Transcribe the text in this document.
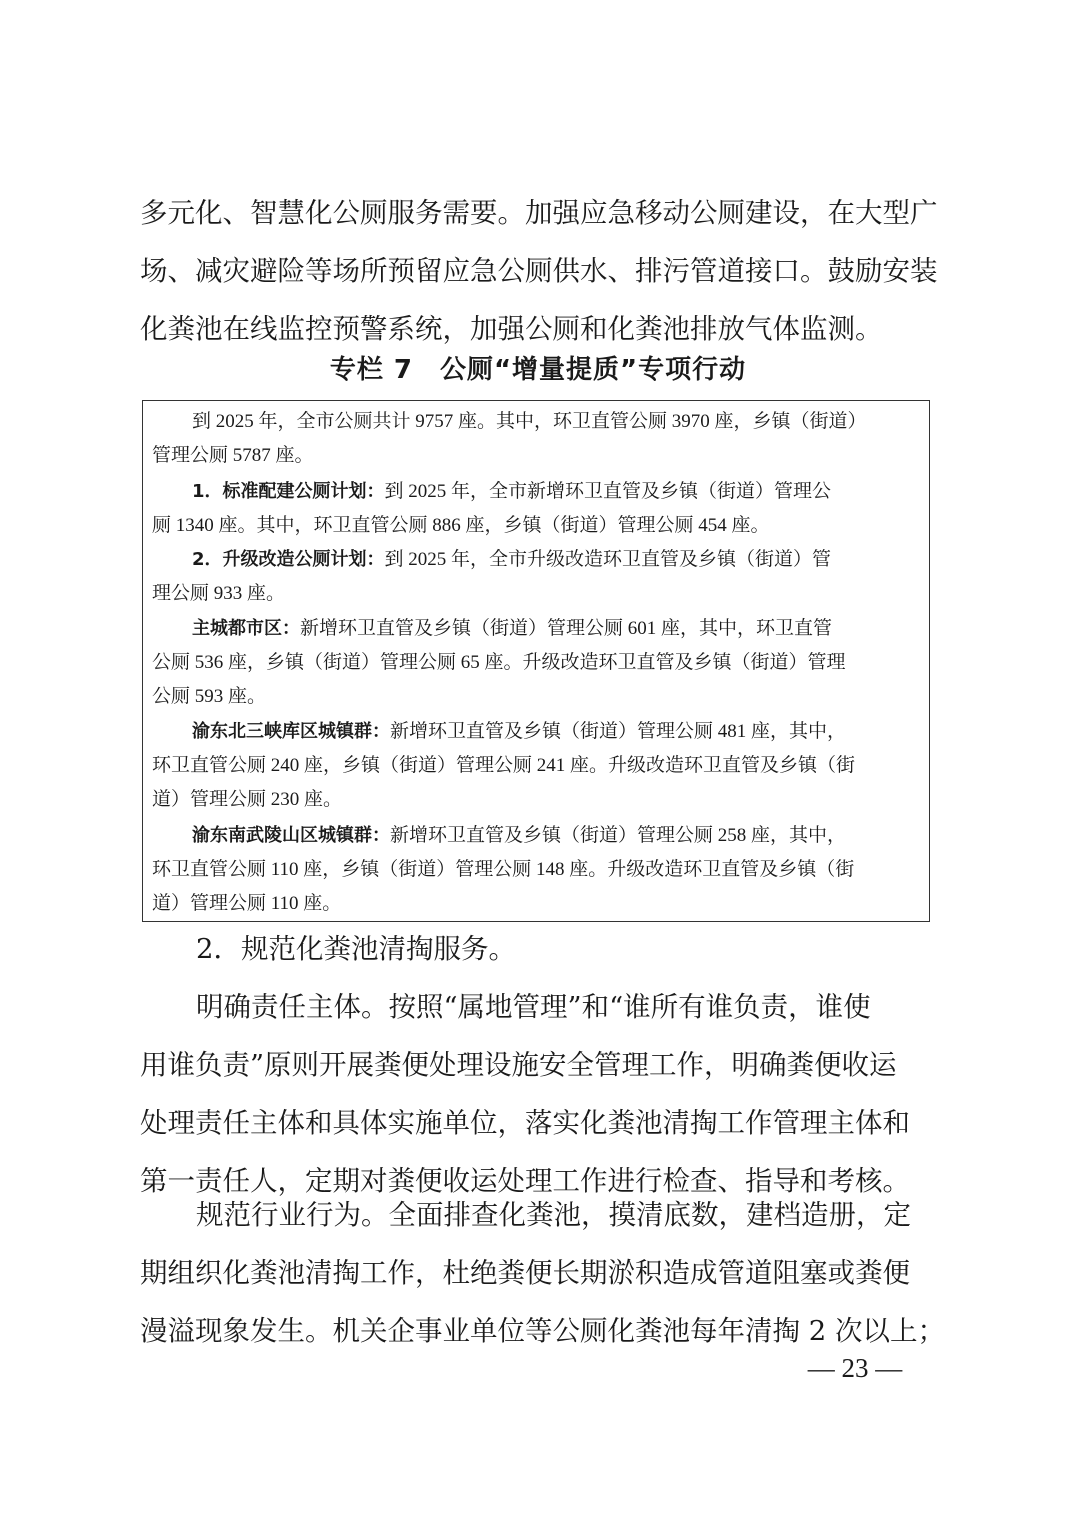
多元化、智慧化公厕服务需要。加强应急移动公厕建设，在大型广
场、减灾避险等场所预留应急公厕供水、排污管道接口。鼓励安装
化粪池在线监控预警系统，加强公厕和化粪池排放气体监测。
专栏 7　公厕“增量提质”专项行动
到 2025 年，全市公厕共计 9757 座。其中，环卫直管公厕 3970 座，乡镇（街道）
管理公厕 5787 座。
1．标准配建公厕计划：到 2025 年，全市新增环卫直管及乡镇（街道）管理公
厕 1340 座。其中，环卫直管公厕 886 座，乡镇（街道）管理公厕 454 座。
2．升级改造公厕计划：到 2025 年，全市升级改造环卫直管及乡镇（街道）管
理公厕 933 座。
主城都市区：新增环卫直管及乡镇（街道）管理公厕 601 座，其中，环卫直管
公厕 536 座，乡镇（街道）管理公厕 65 座。升级改造环卫直管及乡镇（街道）管理
公厕 593 座。
渝东北三峡库区城镇群：新增环卫直管及乡镇（街道）管理公厕 481 座，其中，
环卫直管公厕 240 座，乡镇（街道）管理公厕 241 座。升级改造环卫直管及乡镇（街
道）管理公厕 230 座。
渝东南武陵山区城镇群：新增环卫直管及乡镇（街道）管理公厕 258 座，其中，
环卫直管公厕 110 座，乡镇（街道）管理公厕 148 座。升级改造环卫直管及乡镇（街
道）管理公厕 110 座。
2．规范化粪池清掏服务。
明确责任主体。按照“属地管理”和“谁所有谁负责，谁使
用谁负责”原则开展粪便处理设施安全管理工作，明确粪便收运
处理责任主体和具体实施单位，落实化粪池清掏工作管理主体和
第一责任人，定期对粪便收运处理工作进行检查、指导和考核。
规范行业行为。全面排查化粪池，摸清底数，建档造册，定
期组织化粪池清掏工作，杜绝粪便长期淤积造成管道阻塞或粪便
漫溢现象发生。机关企事业单位等公厕化粪池每年清掏 2 次以上；
— 23 —
